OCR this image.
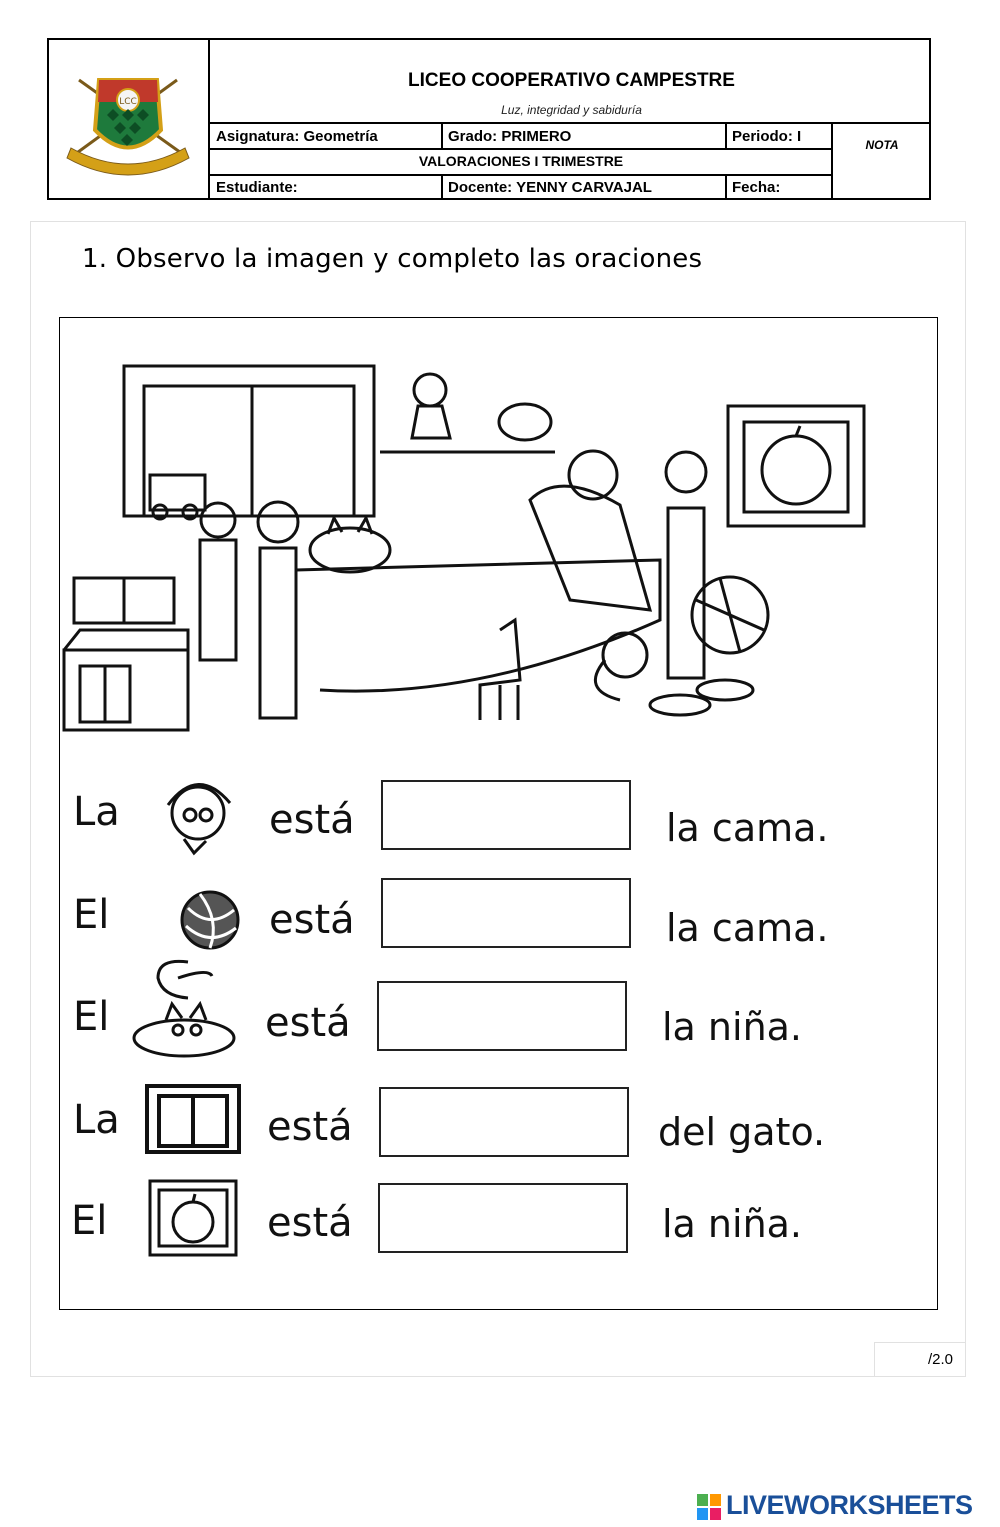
LCC
LICEO COOPERATIVO CAMPESTRE
Luz, integridad y sabiduría
Asignatura: Geometría	Grado: PRIMERO	Periodo: I	NOTA
VALORACIONES I TRIMESTRE
Estudiante:	Docente: YENNY CARVAJAL	Fecha:
1. Observo la imagen y completo las oraciones
La	está	la cama.
El	está	la cama.
El	está	la niña.
La	está	del gato.
El	está	la niña.
/2.0
LIVEWORKSHEETS
